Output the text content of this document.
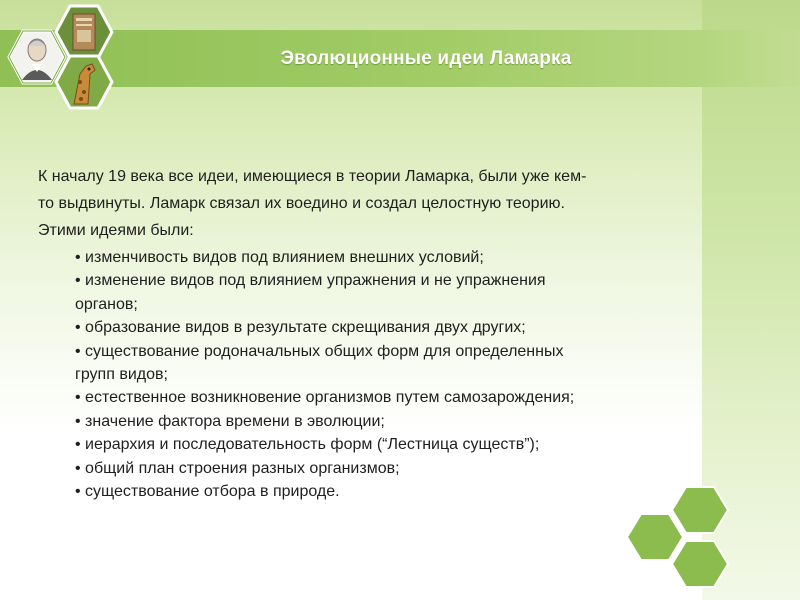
Эволюционные идеи Ламарка

К началу 19 века все идеи, имеющиеся в теории Ламарка, были уже кем-

то выдвинуты. Ламарк связал их воедино и создал целостную теорию.

Этими идеями были:

• изменчивость видов под влиянием внешних условий;
• изменение видов под влиянием упражнения и не упражнения
органов;
• образование видов в результате скрещивания двух других;
• существование родоначальных общих форм для определенных
групп видов;
• естественное возникновение организмов путем самозарождения;
• значение фактора времени в эволюции;
• иерархия и последовательность форм (“Лестница существ”);
• общий план строения разных организмов;
• существование отбора в природе.
